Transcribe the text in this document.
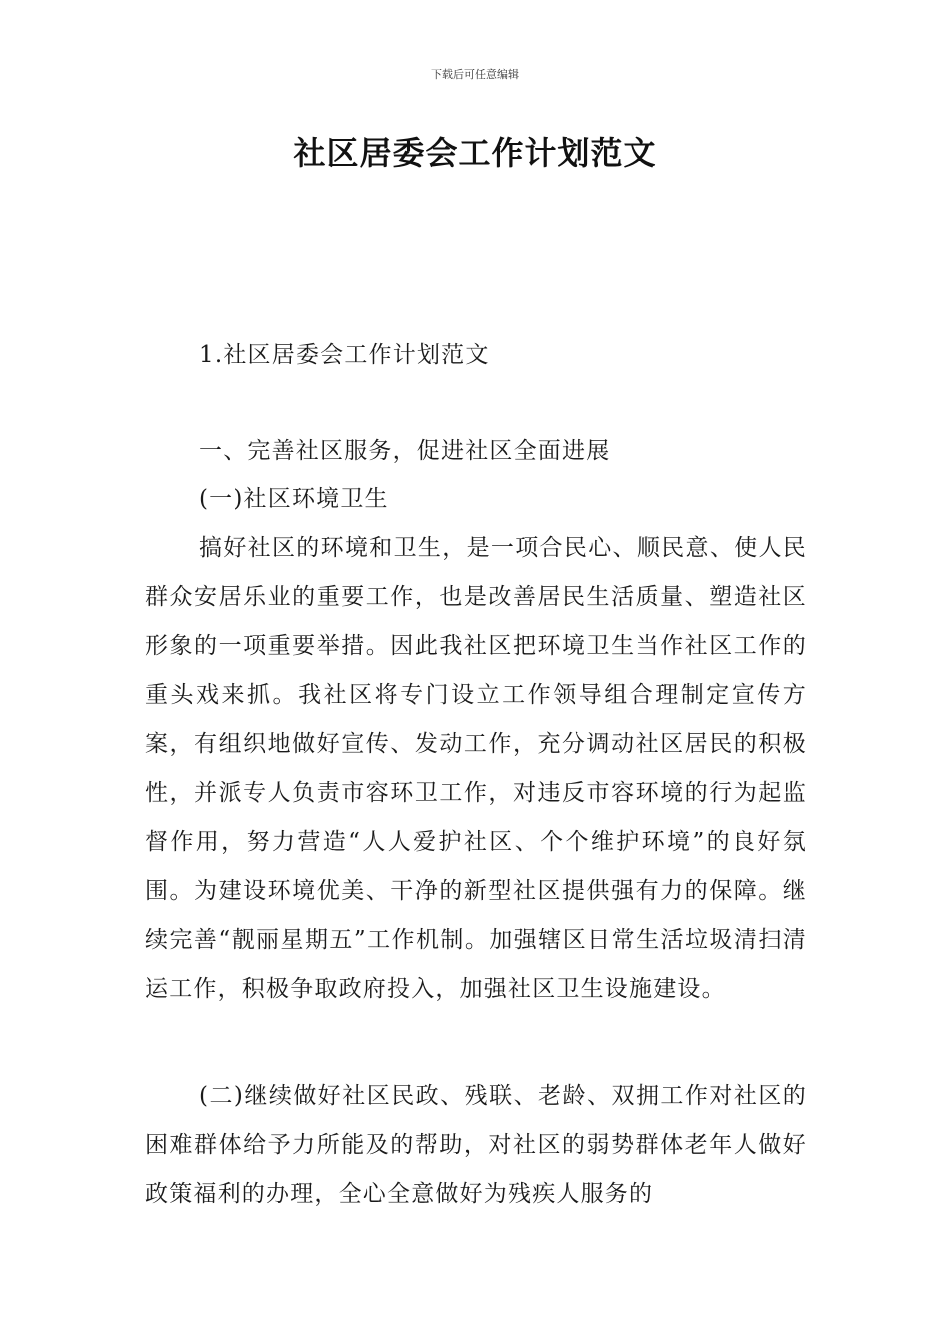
下载后可任意编辑
社区居委会工作计划范文

1.社区居委会工作计划范文

一、完善社区服务，促进社区全面进展

(一)社区环境卫生

搞好社区的环境和卫生，是一项合民心、顺民意、使人民群众安居乐业的重要工作，也是改善居民生活质量、塑造社区形象的一项重要举措。因此我社区把环境卫生当作社区工作的重头戏来抓。我社区将专门设立工作领导组合理制定宣传方案，有组织地做好宣传、发动工作，充分调动社区居民的积极性，并派专人负责市容环卫工作，对违反市容环境的行为起监督作用，努力营造“人人爱护社区、个个维护环境”的良好氛围。为建设环境优美、干净的新型社区提供强有力的保障。继续完善“靓丽星期五”工作机制。加强辖区日常生活垃圾清扫清运工作，积极争取政府投入，加强社区卫生设施建设。

(二)继续做好社区民政、残联、老龄、双拥工作对社区的困难群体给予力所能及的帮助，对社区的弱势群体老年人做好政策福利的办理，全心全意做好为残疾人服务的
